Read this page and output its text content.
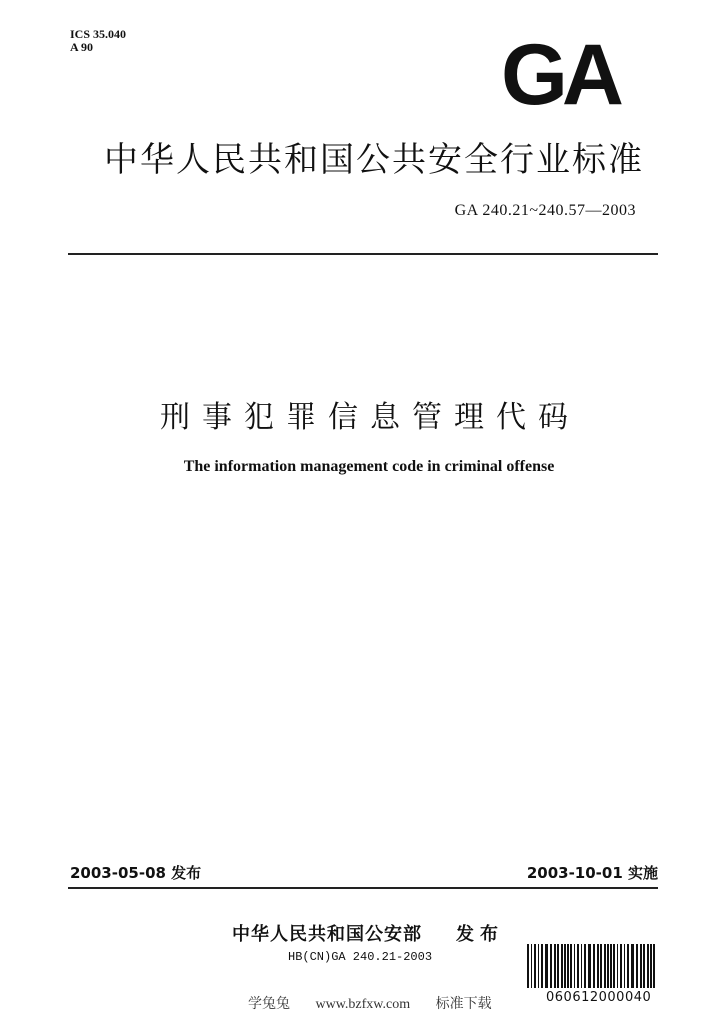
ICS 35.040
A 90	GA
中华人民共和国公共安全行业标准
GA 240.21~240.57—2003
刑事犯罪信息管理代码
The information management code in criminal offense
2003-05-08 发布	2003-10-01 实施
中华人民共和国公安部 发布
HB(CN)GA 240.21-2003
060612000040
学兔兔 www.bzfxw.com 标准下载
